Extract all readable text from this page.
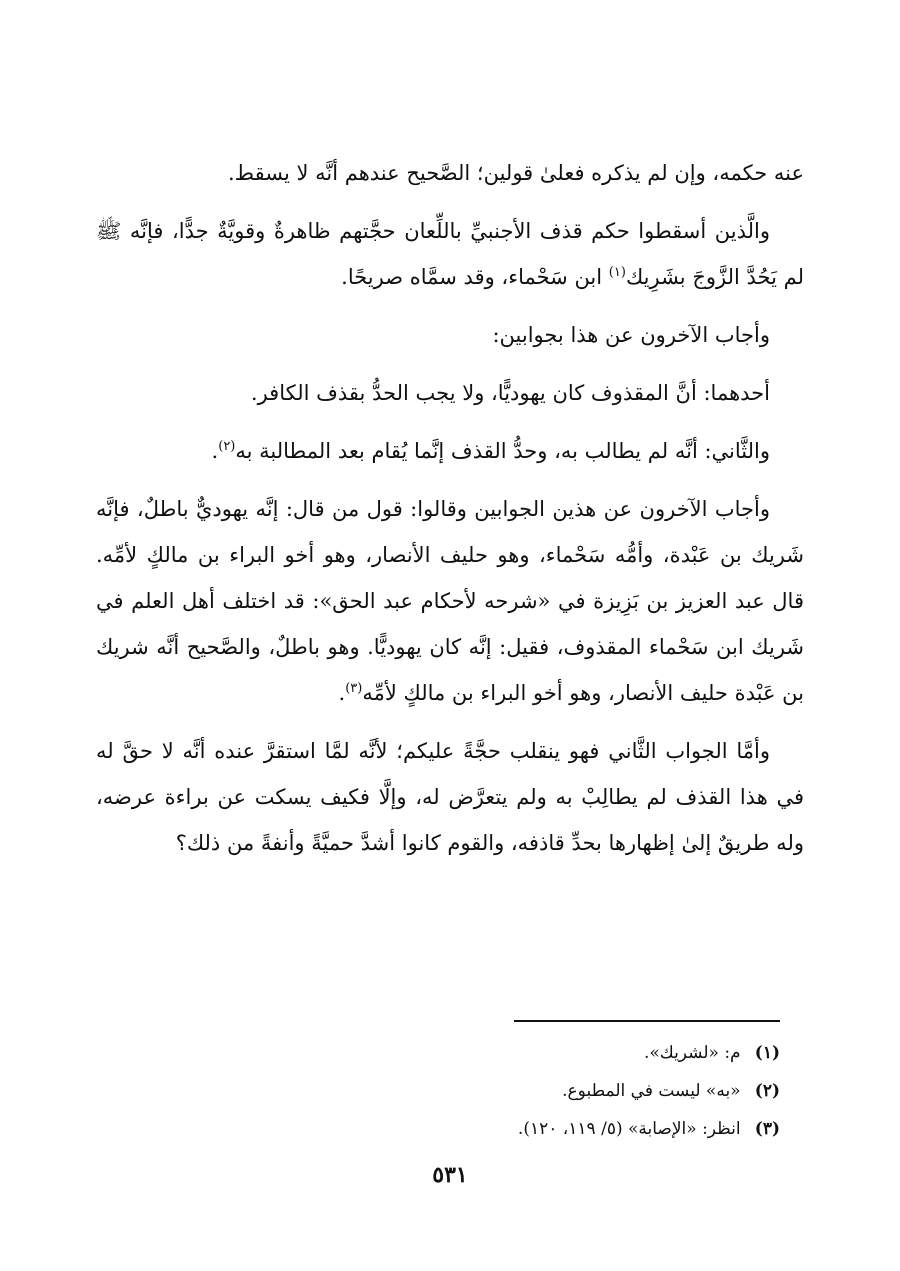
عنه حكمه، وإن لم يذكره فعلىٰ قولين؛ الصَّحيح عندهم أنَّه لا يسقط.

والَّذين أسقطوا حكم قذف الأجنبيِّ باللِّعان حجَّتهم ظاهرةٌ وقويَّةٌ جدًّا، فإنَّه ﷺ لم يَحُدَّ الزَّوجَ بشَرِيك$^{(١)}$ ابن سَحْماء، وقد سمَّاه صريحًا.

وأجاب الآخرون عن هذا بجوابين:

أحدهما: أنَّ المقذوف كان يهوديًّا، ولا يجب الحدُّ بقذف الكافر.

والثَّاني: أنَّه لم يطالب به، وحدُّ القذف إنَّما يُقام بعد المطالبة به$^{(٢)}$.

وأجاب الآخرون عن هذين الجوابين وقالوا: قول من قال: إنَّه يهوديٌّ باطلٌ، فإنَّه شَريك بن عَبْدة، وأمُّه سَحْماء، وهو حليف الأنصار، وهو أخو البراء بن مالكٍ لأمِّه. قال عبد العزيز بن بَزِيزة في «شرحه لأحكام عبد الحق»: قد اختلف أهل العلم في شَريك ابن سَحْماء المقذوف، فقيل: إنَّه كان يهوديًّا. وهو باطلٌ، والصَّحيح أنَّه شريك بن عَبْدة حليف الأنصار، وهو أخو البراء بن مالكٍ لأمِّه$^{(٣)}$.

وأمَّا الجواب الثَّاني فهو ينقلب حجَّةً عليكم؛ لأنَّه لمَّا استقرَّ عنده أنَّه لا حقَّ له في هذا القذف لم يطالِبْ به ولم يتعرَّض له، وإلَّا فكيف يسكت عن براءة عرضه، وله طريقٌ إلىٰ إظهارها بحدِّ قاذفه، والقوم كانوا أشدَّ حميَّةً وأنفةً من ذلك؟

(١) م: «لشريك».
(٢) «به» ليست في المطبوع.
(٣) انظر: «الإصابة» (٥/ ١١٩، ١٢٠).
٥٣١
